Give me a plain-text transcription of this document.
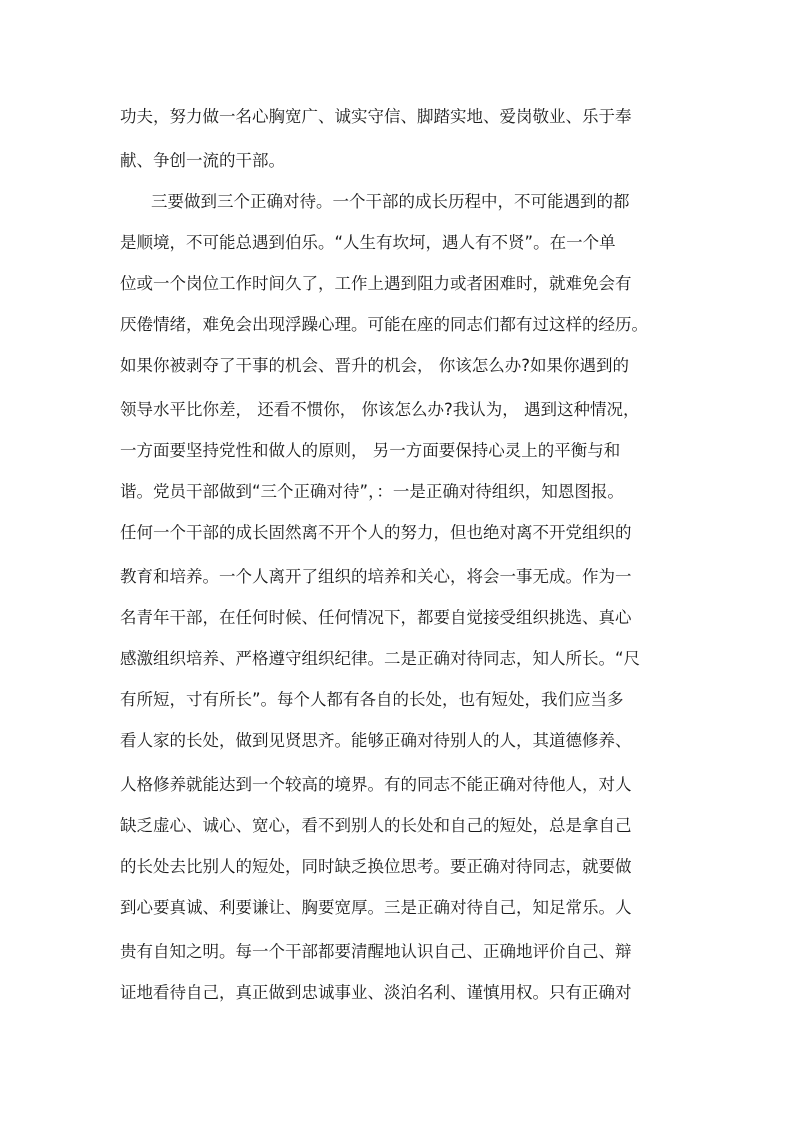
功夫，努力做一名心胸宽广、诚实守信、脚踏实地、爱岗敬业、乐于奉
献、争创一流的干部。
三要做到三个正确对待。一个干部的成长历程中，不可能遇到的都
是顺境，不可能总遇到伯乐。“人生有坎坷，遇人有不贤”。在一个单
位或一个岗位工作时间久了，工作上遇到阻力或者困难时，就难免会有
厌倦情绪，难免会出现浮躁心理。可能在座的同志们都有过这样的经历。
如果你被剥夺了干事的机会、晋升的机会， 你该怎么办?如果你遇到的
领导水平比你差， 还看不惯你， 你该怎么办?我认为， 遇到这种情况，
一方面要坚持党性和做人的原则， 另一方面要保持心灵上的平衡与和
谐。党员干部做到“三个正确对待”，：一是正确对待组织，知恩图报。
任何一个干部的成长固然离不开个人的努力，但也绝对离不开党组织的
教育和培养。一个人离开了组织的培养和关心，将会一事无成。作为一
名青年干部，在任何时候、任何情况下，都要自觉接受组织挑选、真心
感激组织培养、严格遵守组织纪律。二是正确对待同志，知人所长。“尺
有所短，寸有所长”。每个人都有各自的长处，也有短处，我们应当多
看人家的长处，做到见贤思齐。能够正确对待别人的人，其道德修养、
人格修养就能达到一个较高的境界。有的同志不能正确对待他人，对人
缺乏虚心、诚心、宽心，看不到别人的长处和自己的短处，总是拿自己
的长处去比别人的短处，同时缺乏换位思考。要正确对待同志，就要做
到心要真诚、利要谦让、胸要宽厚。三是正确对待自己，知足常乐。人
贵有自知之明。每一个干部都要清醒地认识自己、正确地评价自己、辩
证地看待自己，真正做到忠诚事业、淡泊名利、谨慎用权。只有正确对
